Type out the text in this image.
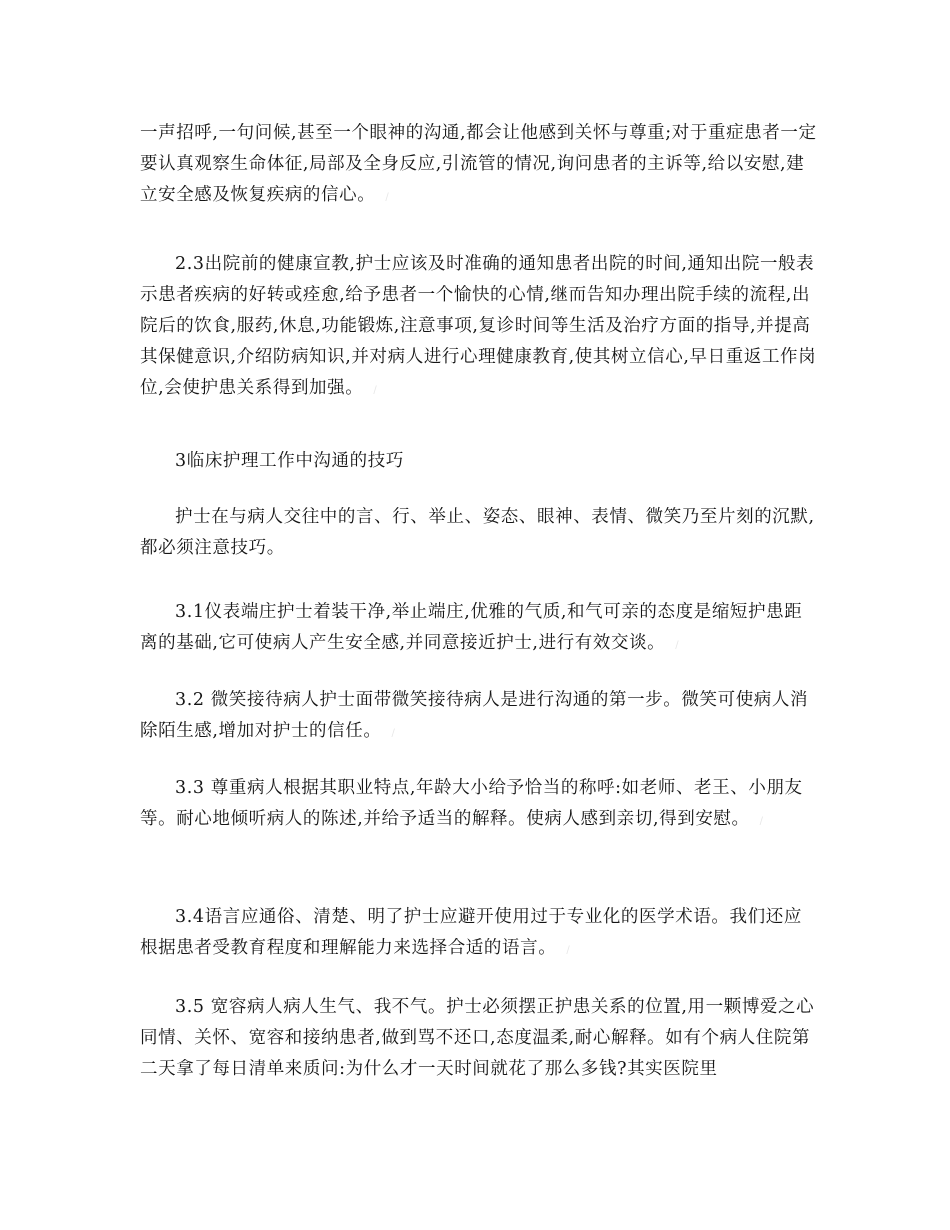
一声招呼,一句问候,甚至一个眼神的沟通,都会让他感到关怀与尊重;对于重症患者一定要认真观察生命体征,局部及全身反应,引流管的情况,询问患者的主诉等,给以安慰,建立安全感及恢复疾病的信心。 /

2.3出院前的健康宣教,护士应该及时准确的通知患者出院的时间,通知出院一般表示患者疾病的好转或痊愈,给予患者一个愉快的心情,继而告知办理出院手续的流程,出院后的饮食,服药,休息,功能锻炼,注意事项,复诊时间等生活及治疗方面的指导,并提高其保健意识,介绍防病知识,并对病人进行心理健康教育,使其树立信心,早日重返工作岗位,会使护患关系得到加强。 /

3临床护理工作中沟通的技巧

护士在与病人交往中的言、行、举止、姿态、眼神、表情、微笑乃至片刻的沉默,都必须注意技巧。

3.1仪表端庄护士着装干净,举止端庄,优雅的气质,和气可亲的态度是缩短护患距离的基础,它可使病人产生安全感,并同意接近护士,进行有效交谈。 /

3.2 微笑接待病人护士面带微笑接待病人是进行沟通的第一步。微笑可使病人消除陌生感,增加对护士的信任。 /

3.3 尊重病人根据其职业特点,年龄大小给予恰当的称呼:如老师、老王、小朋友等。耐心地倾听病人的陈述,并给予适当的解释。使病人感到亲切,得到安慰。 /

3.4语言应通俗、清楚、明了护士应避开使用过于专业化的医学术语。我们还应根据患者受教育程度和理解能力来选择合适的语言。 /

3.5 宽容病人病人生气、我不气。护士必须摆正护患关系的位置,用一颗博爱之心同情、关怀、宽容和接纳患者,做到骂不还口,态度温柔,耐心解释。如有个病人住院第二天拿了每日清单来质问:为什么才一天时间就花了那么多钱?其实医院里
